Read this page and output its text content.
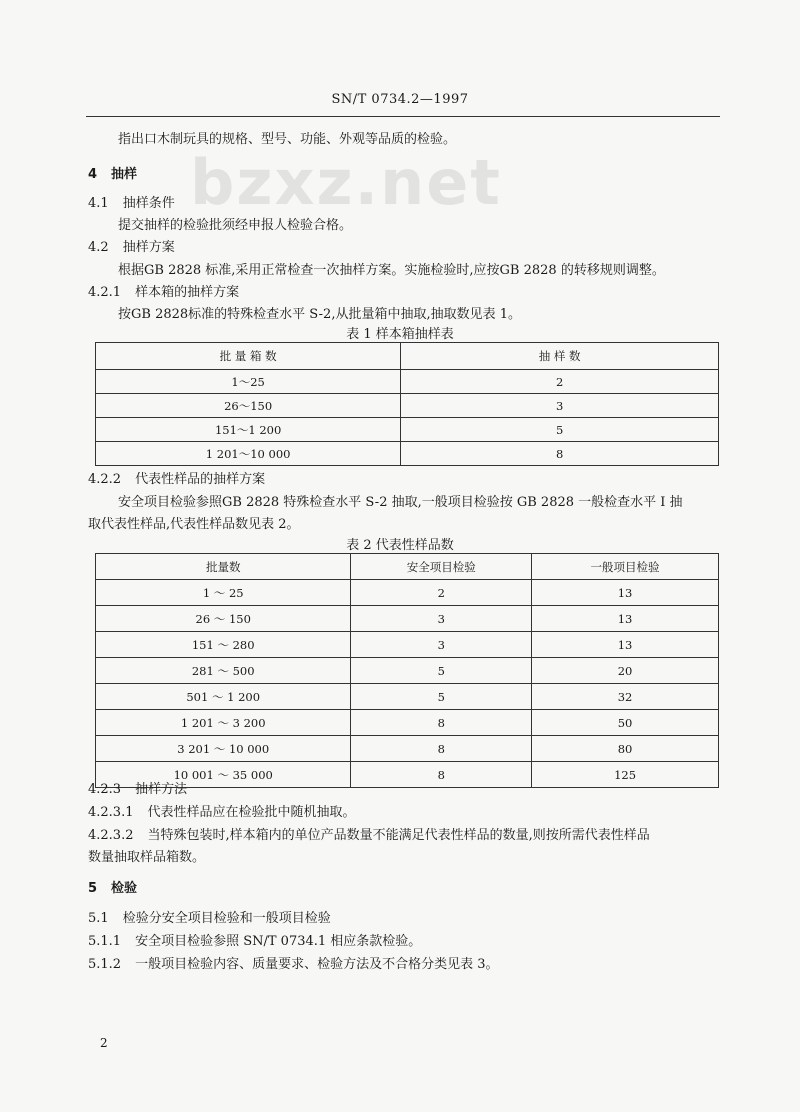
SN/T 0734.2—1997
bzxz.net
指出口木制玩具的规格、型号、功能、外观等品质的检验。
4 抽样
4.1 抽样条件
提交抽样的检验批须经申报人检验合格。
4.2 抽样方案
根据GB 2828 标准,采用正常检查一次抽样方案。实施检验时,应按GB 2828 的转移规则调整。
4.2.1 样本箱的抽样方案
按GB 2828标准的特殊检查水平 S-2,从批量箱中抽取,抽取数见表 1。
表 1 样本箱抽样表
批 量 箱 数	抽 样 数
1～25	2
26～150	3
151～1 200	5
1 201～10 000	8
4.2.2 代表性样品的抽样方案
安全项目检验参照GB 2828 特殊检查水平 S-2 抽取,一般项目检验按 GB 2828 一般检查水平 I 抽
取代表性样品,代表性样品数见表 2。
表 2 代表性样品数
批量数	安全项目检验	一般项目检验
1 ～ 25	2	13
26 ～ 150	3	13
151 ～ 280	3	13
281 ～ 500	5	20
501 ～ 1 200	5	32
1 201 ～ 3 200	8	50
3 201 ～ 10 000	8	80
10 001 ～ 35 000	8	125
4.2.3 抽样方法
4.2.3.1 代表性样品应在检验批中随机抽取。
4.2.3.2 当特殊包装时,样本箱内的单位产品数量不能满足代表性样品的数量,则按所需代表性样品
数量抽取样品箱数。
5 检验
5.1 检验分安全项目检验和一般项目检验
5.1.1 安全项目检验参照 SN/T 0734.1 相应条款检验。
5.1.2 一般项目检验内容、质量要求、检验方法及不合格分类见表 3。
2
